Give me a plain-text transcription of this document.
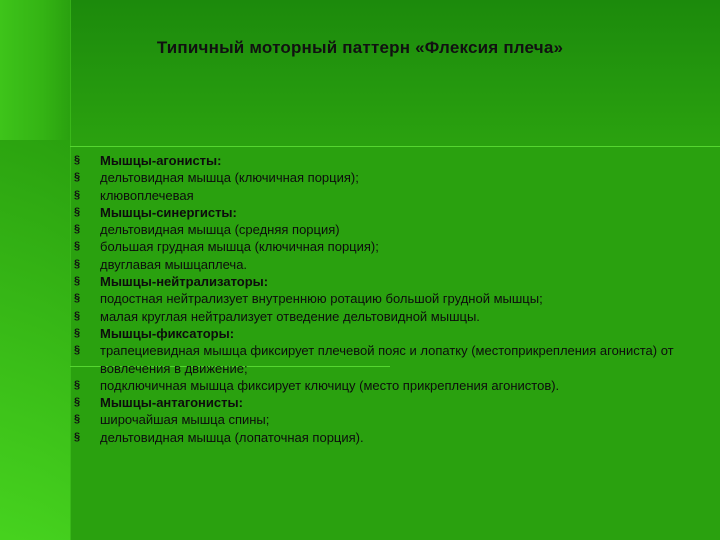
Типичный моторный паттерн «Флексия плеча»
§	Мышцы-агонисты:
§	дельтовидная мышца (ключичная порция);
§	клювоплечевая
§	Мышцы-синергисты:
§	дельтовидная мышца (средняя порция)
§	большая грудная мышца (ключичная порция);
§	двуглавая мышцаплеча.
§	Мышцы-нейтрализаторы:
§	подостная нейтрализует внутреннюю ротацию большой грудной мышцы;
§	малая круглая нейтрализует отведение дельтовидной мышцы.
§	Мышцы-фиксаторы:
§	трапециевидная мышца фиксирует плечевой пояс и лопатку (местоприкрепления агониста) от вовлечения в движение;
§	подключичная мышца фиксирует ключицу (место прикрепления агонистов).
§	Мышцы-антагонисты:
§	широчайшая мышца спины;
§	дельтовидная мышца (лопаточная порция).
